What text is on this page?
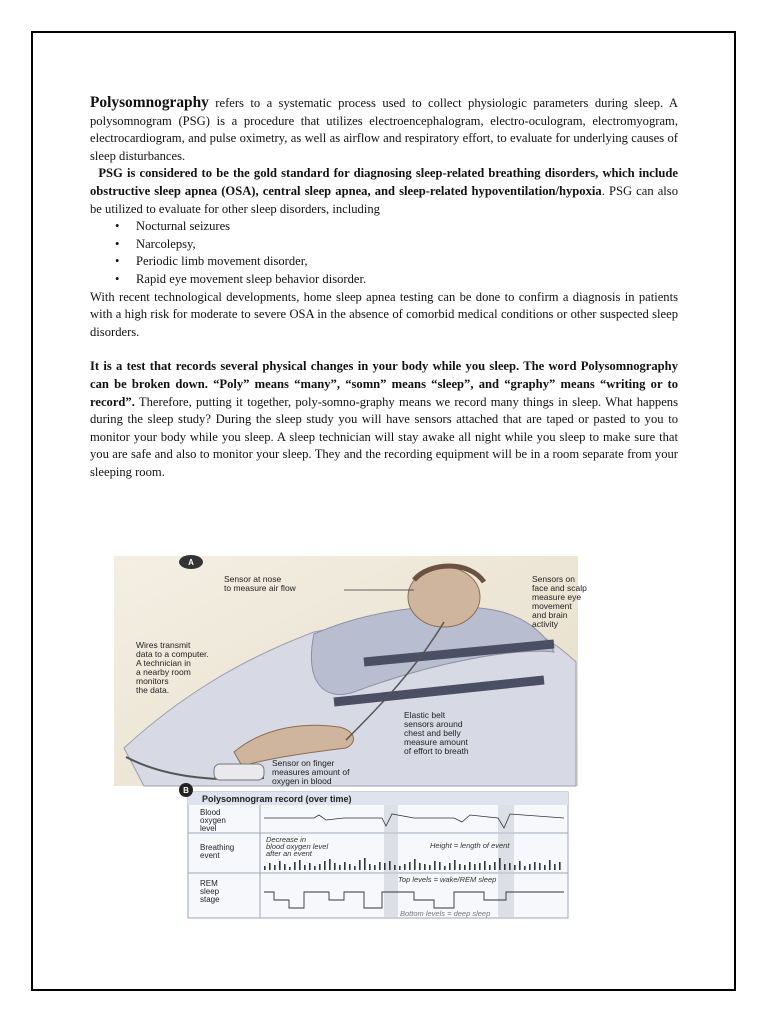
Polysomnography refers to a systematic process used to collect physiologic parameters during sleep. A polysomnogram (PSG) is a procedure that utilizes electroencephalogram, electro-oculogram, electromyogram, electrocardiogram, and pulse oximetry, as well as airflow and respiratory effort, to evaluate for underlying causes of sleep disturbances.

PSG is considered to be the gold standard for diagnosing sleep-related breathing disorders, which include obstructive sleep apnea (OSA), central sleep apnea, and sleep-related hypoventilation/hypoxia. PSG can also be utilized to evaluate for other sleep disorders, including

• Nocturnal seizures
• Narcolepsy,
• Periodic limb movement disorder,
• Rapid eye movement sleep behavior disorder.

With recent technological developments, home sleep apnea testing can be done to confirm a diagnosis in patients with a high risk for moderate to severe OSA in the absence of comorbid medical conditions or other suspected sleep disorders.

It is a test that records several physical changes in your body while you sleep. The word Polysomnography can be broken down. “Poly” means “many”, “somn” means “sleep”, and “graphy” means “writing or to record”. Therefore, putting it together, poly-somno-graphy means we record many things in sleep. What happens during the sleep study? During the sleep study you will have sensors attached that are taped or pasted to you to monitor your body while you sleep. A sleep technician will stay awake all night while you sleep to make sure that you are safe and also to monitor your sleep. They and the recording equipment will be in a room separate from your sleeping room.

A
Sensor at nose to measure air flow
Sensors on face and scalp measure eye movement and brain activity
Wires transmit data to a computer. A technician in a nearby room monitors the data.
Elastic belt sensors around chest and belly measure amount of effort to breath
Sensor on finger measures amount of oxygen in blood
B
Polysomnogram record (over time)
Blood oxygen level
Breathing event
REM sleep stage
Decrease in blood oxygen level after an event
Height = length of event
Top levels = wake/REM sleep
Bottom levels = deep sleep
